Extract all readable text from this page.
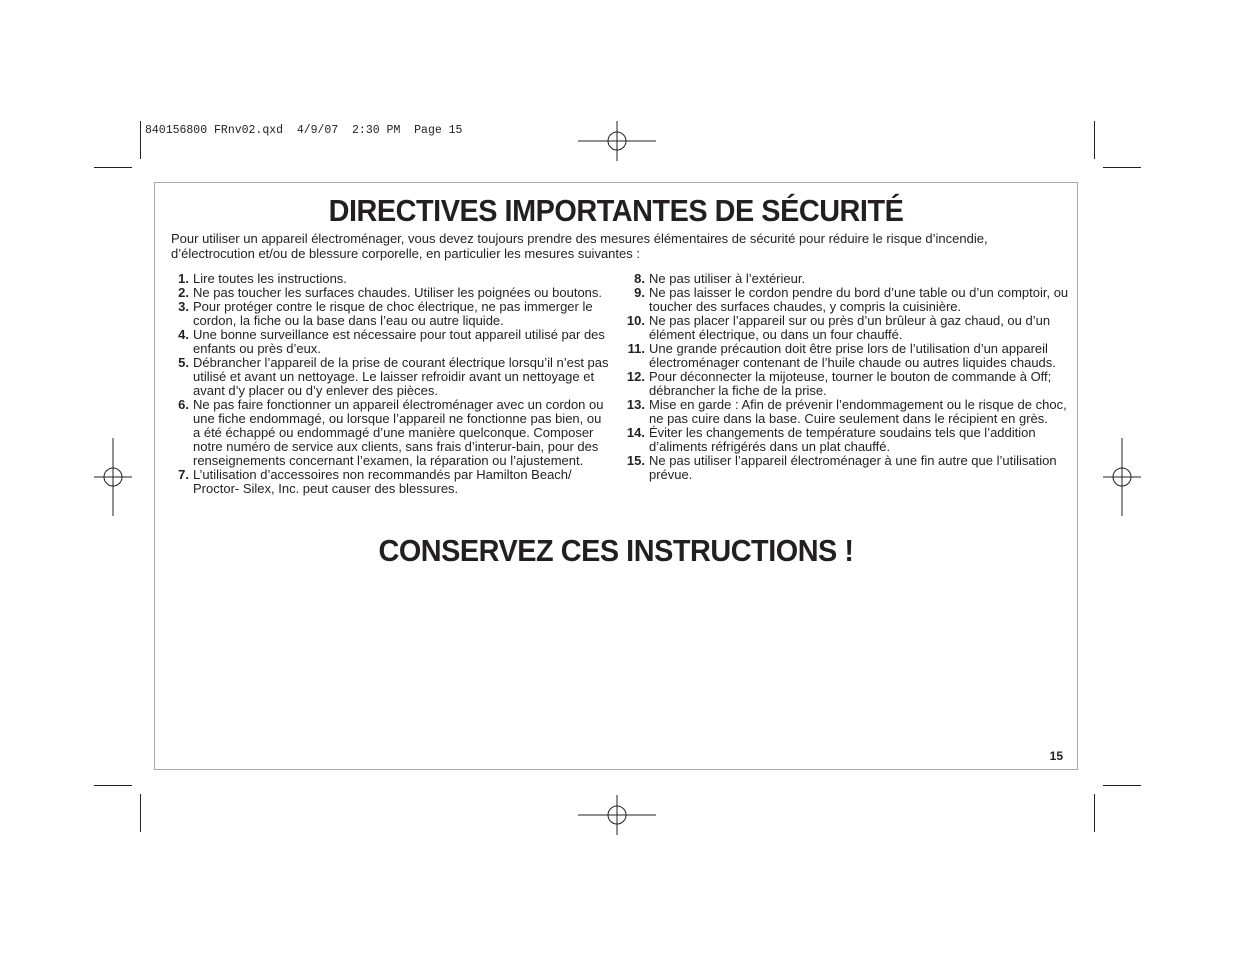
840156800 FRnv02.qxd  4/9/07  2:30 PM  Page 15
DIRECTIVES IMPORTANTES DE SÉCURITÉ
Pour utiliser un appareil électroménager, vous devez toujours prendre des mesures élémentaires de sécurité pour réduire le risque d’incendie, d’électrocution et/ou de blessure corporelle, en particulier les mesures suivantes :
1. Lire toutes les instructions.
2. Ne pas toucher les surfaces chaudes. Utiliser les poignées ou boutons.
3. Pour protéger contre le risque de choc électrique, ne pas immerger le cordon, la fiche ou la base dans l’eau ou autre liquide.
4. Une bonne surveillance est nécessaire pour tout appareil utilisé par des enfants ou près d’eux.
5. Débrancher l’appareil de la prise de courant électrique lorsqu’il n’est pas utilisé et avant un nettoyage. Le laisser refroidir avant un nettoyage et avant d’y placer ou d’y enlever des pièces.
6. Ne pas faire fonctionner un appareil électroménager avec un cordon ou une fiche endommagé, ou lorsque l’appareil ne fonctionne pas bien, ou a été échappé ou endommagé d’une manière quelconque. Composer notre numéro de service aux clients, sans frais d’interur-bain, pour des renseignements concernant l’examen, la réparation ou l’ajustement.
7. L’utilisation d’accessoires non recommandés par Hamilton Beach/ Proctor- Silex, Inc. peut causer des blessures.
8. Ne pas utiliser à l’extérieur.
9. Ne pas laisser le cordon pendre du bord d’une table ou d’un comptoir, ou toucher des surfaces chaudes, y compris la cuisinière.
10. Ne pas placer l’appareil sur ou près d’un brûleur à gaz chaud, ou d’un élément électrique, ou dans un four chauffé.
11. Une grande précaution doit être prise lors de l’utilisation d’un appareil électroménager contenant de l’huile chaude ou autres liquides chauds.
12. Pour déconnecter la mijoteuse, tourner le bouton de commande à Off; débrancher la fiche de la prise.
13. Mise en garde : Afin de prévenir l’endommagement ou le risque de choc, ne pas cuire dans la base. Cuire seulement dans le récipient en grès.
14. Éviter les changements de température soudains tels que l’addition d’aliments réfrigérés dans un plat chauffé.
15. Ne pas utiliser l’appareil électroménager à une fin autre que l’utilisation prévue.
CONSERVEZ CES INSTRUCTIONS !
15
